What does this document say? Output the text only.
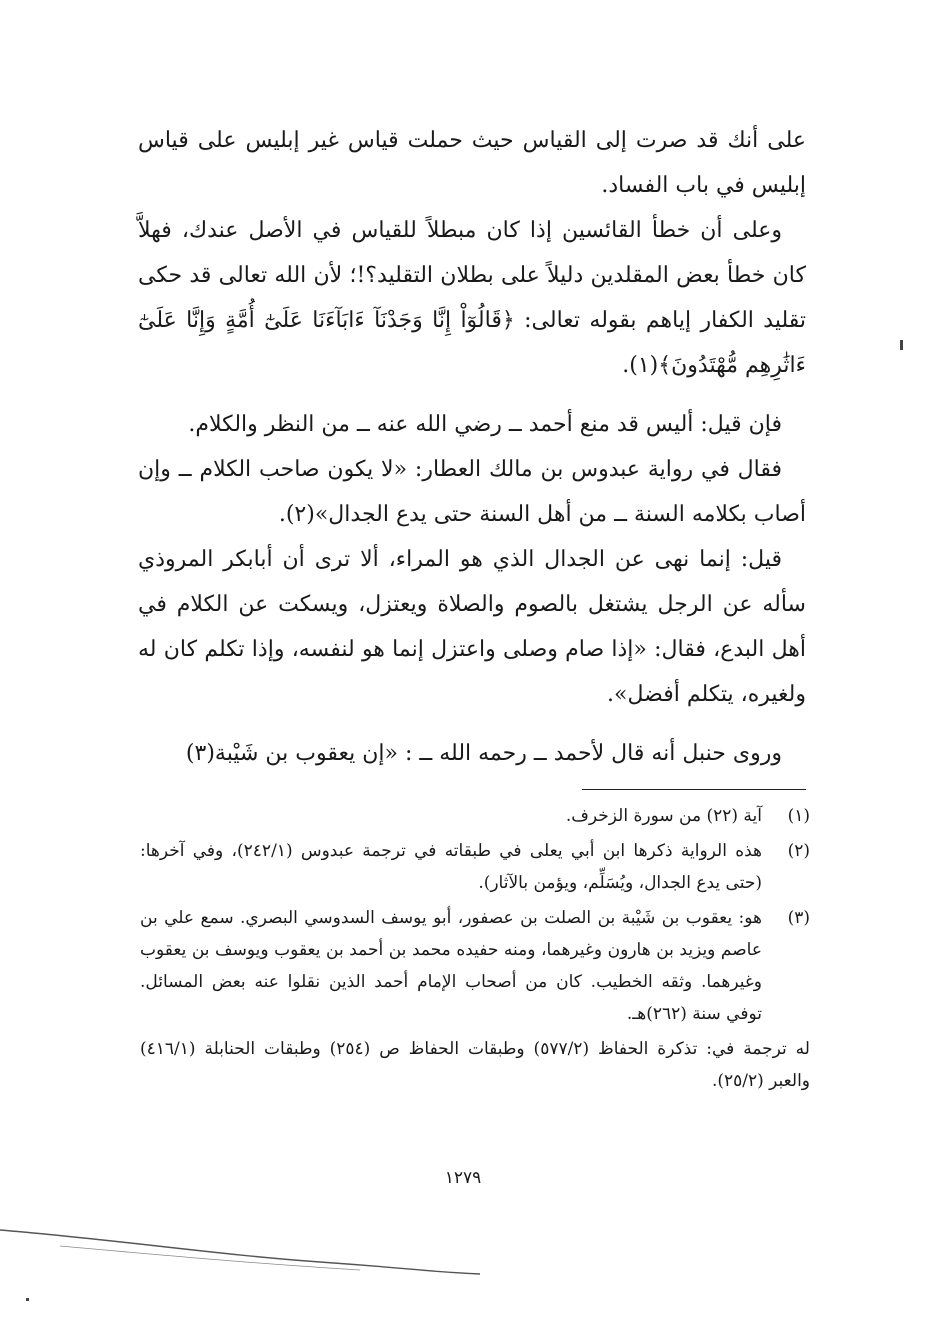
على أنك قد صرت إلى القياس حيث حملت قياس غير إبليس على قياس إبليس في باب الفساد.

وعلى أن خطأ القائسين إذا كان مبطلاً للقياس في الأصل عندك، فهلاَّ كان خطأ بعض المقلدين دليلاً على بطلان التقليد؟!؛ لأن الله تعالى قد حكى تقليد الكفار إياهم بقوله تعالى: ﴿قَالُوٓاْ إِنَّا وَجَدْنَآ ءَابَآءَنَا عَلَىٰٓ أُمَّةٍ وَإِنَّا عَلَىٰٓ ءَاثَٰرِهِم مُّهْتَدُونَ﴾(١).

فإن قيل: أليس قد منع أحمد ــ رضي الله عنه ــ من النظر والكلام.

فقال في رواية عبدوس بن مالك العطار: «لا يكون صاحب الكلام ــ وإن أصاب بكلامه السنة ــ من أهل السنة حتى يدع الجدال»(٢).

قيل: إنما نهى عن الجدال الذي هو المراء، ألا ترى أن أبابكر المروذي سأله عن الرجل يشتغل بالصوم والصلاة ويعتزل، ويسكت عن الكلام في أهل البدع، فقال: «إذا صام وصلى واعتزل إنما هو لنفسه، وإذا تكلم كان له ولغيره، يتكلم أفضل».

وروى حنبل أنه قال لأحمد ــ رحمه الله ــ : «إن يعقوب بن شَيْبة(٣)

(١)
آية (٢٢) من سورة الزخرف.
(٢)
هذه الرواية ذكرها ابن أبي يعلى في طبقاته في ترجمة عبدوس (٢٤٢/١)، وفي آخرها: (حتى يدع الجدال، ويُسَلِّم، ويؤمن بالآثار).
(٣)
هو: يعقوب بن شَيْبة بن الصلت بن عصفور، أبو يوسف السدوسي البصري. سمع علي بن عاصم ويزيد بن هارون وغيرهما، ومنه حفيده محمد بن أحمد بن يعقوب ويوسف بن يعقوب وغيرهما. وثقه الخطيب. كان من أصحاب الإمام أحمد الذين نقلوا عنه بعض المسائل. توفي سنة (٢٦٢)هـ.
له ترجمة في: تذكرة الحفاظ (٥٧٧/٢) وطبقات الحفاظ ص (٢٥٤) وطبقات الحنابلة (٤١٦/١) والعبر (٢٥/٢).
١٢٧٩
